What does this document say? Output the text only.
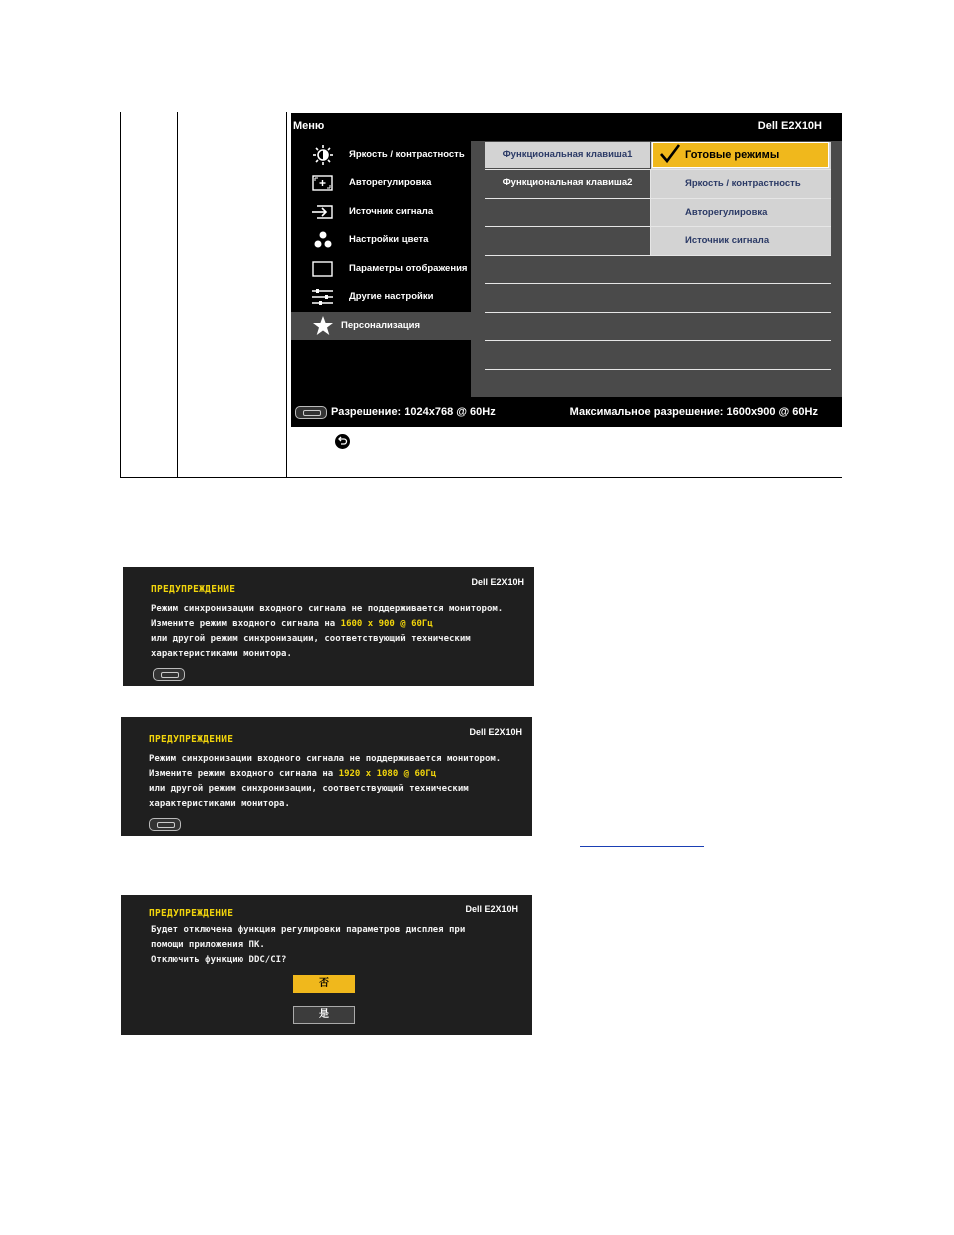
Меню	Dell E2X10H
Яркость / контрастность
Авторегулировка
Источник сигнала
Настройки цвета
Параметры отображения
Другие настройки
Персонализация
Функциональная клавиша1
Функциональная клавиша2
Готовые режимы
Яркость / контрастность
Авторегулировка
Источник сигнала
Разрешение: 1024x768 @ 60Hz	Максимальное разрешение: 1600x900 @ 60Hz
ПРЕДУПРЕЖДЕНИЕ
Dell E2X10H
Режим синхронизации входного сигнала не поддерживается монитором.
Измените режим входного сигнала на 1600 x 900 @ 60Гц
или другой режим синхронизации, соответствующий техническим
характеристиками монитора.
ПРЕДУПРЕЖДЕНИЕ
Dell E2X10H
Режим синхронизации входного сигнала не поддерживается монитором.
Измените режим входного сигнала на 1920 x 1080 @ 60Гц
или другой режим синхронизации, соответствующий техническим
характеристиками монитора.
ПРЕДУПРЕЖДЕНИЕ	Dell E2X10H
Будет отключена функция регулировки параметров дисплея при
помощи приложения ПК.
Отключить функцию DDC/CI?
否
是
